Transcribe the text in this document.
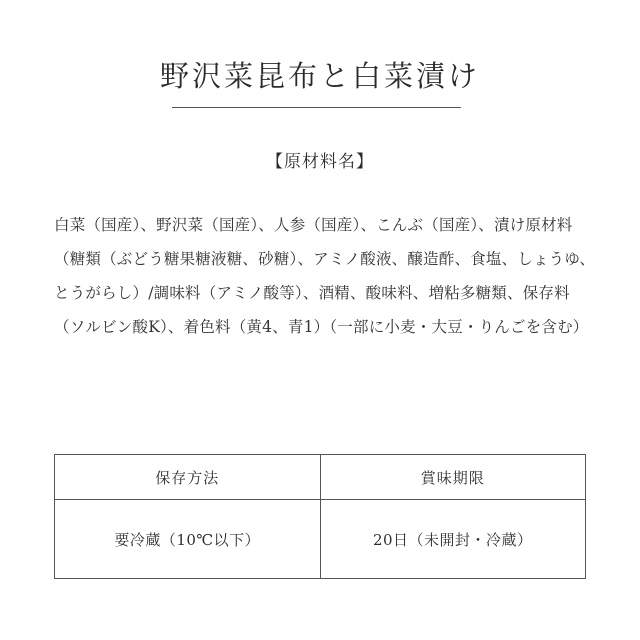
野沢菜昆布と白菜漬け
【原材料名】
白菜（国産）、野沢菜（国産）、人参（国産）、こんぶ（国産）、漬け原材料
（糖類（ぶどう糖果糖液糖、砂糖）、アミノ酸液、醸造酢、食塩、しょうゆ、
とうがらし）/調味料（アミノ酸等）、酒精、酸味料、増粘多糖類、保存料
（ソルビン酸K）、着色料（黄4、青1）（一部に小麦・大豆・りんごを含む）
保存方法	賞味期限
要冷蔵（10℃以下）	20日（未開封・冷蔵）
